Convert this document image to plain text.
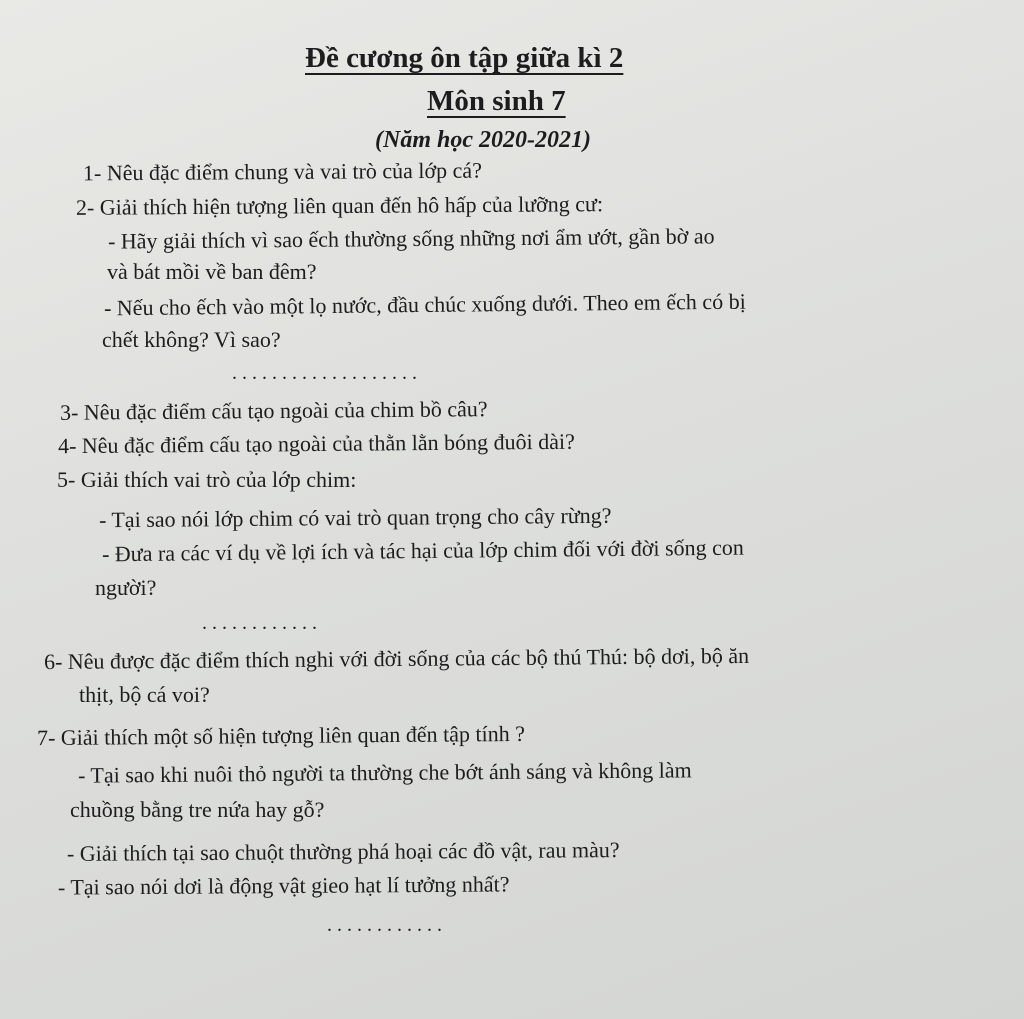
Đề cương ôn tập giữa kì 2
Môn sinh 7
(Năm học 2020-2021)
1- Nêu đặc điểm chung và vai trò của lớp cá?
2- Giải thích hiện tượng liên quan đến hô hấp của lưỡng cư:
- Hãy giải thích vì sao ếch thường sống những nơi ẩm ướt, gần bờ ao
và bát mồi về ban đêm?
- Nếu cho ếch vào một lọ nước, đầu chúc xuống dưới. Theo em ếch có bị
chết không? Vì sao?
...................
3- Nêu đặc điểm cấu tạo ngoài của chim bồ câu?
4- Nêu đặc điểm cấu tạo ngoài của thằn lằn bóng đuôi dài?
5- Giải thích vai trò của lớp chim:
- Tại sao nói lớp chim có vai trò quan trọng cho cây rừng?
- Đưa ra các ví dụ về lợi ích và tác hại của lớp chim đối với đời sống con
người?
............
6- Nêu được đặc điểm thích nghi với đời sống của các bộ thú Thú: bộ dơi, bộ ăn
thịt, bộ cá voi?
7- Giải thích một số hiện tượng liên quan đến tập tính ?
- Tại sao khi nuôi thỏ người ta thường che bớt ánh sáng và không làm
chuồng bằng tre nứa hay gỗ?
- Giải thích tại sao chuột thường phá hoại các đồ vật, rau màu?
- Tại sao nói dơi là động vật gieo hạt lí tưởng nhất?
............
